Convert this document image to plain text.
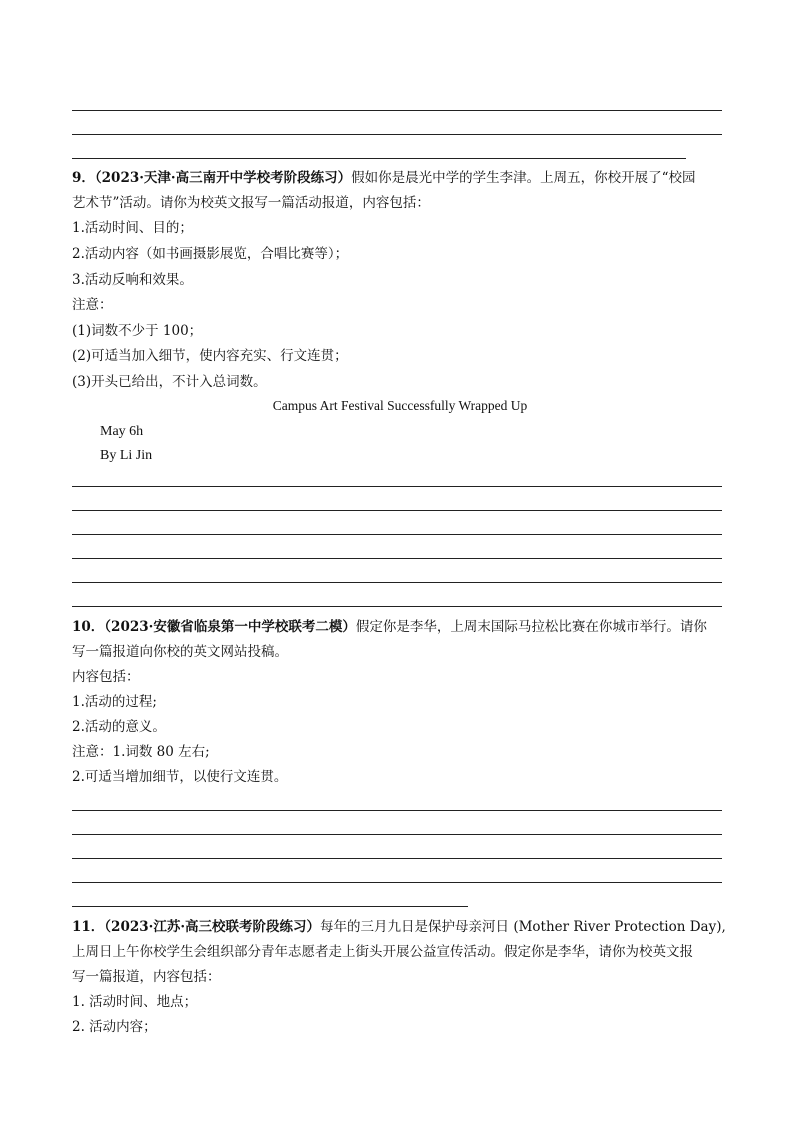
9．（2023·天津·高三南开中学校考阶段练习）假如你是晨光中学的学生李津。上周五，你校开展了“校园
艺术节”活动。请你为校英文报写一篇活动报道，内容包括：
1.活动时间、目的；
2.活动内容（如书画摄影展览，合唱比赛等）；
3.活动反响和效果。
注意：
(1)词数不少于 100；
(2)可适当加入细节，使内容充实、行文连贯；
(3)开头已给出，不计入总词数。
Campus Art Festival Successfully Wrapped Up
May 6h
By Li Jin
10．（2023·安徽省临泉第一中学校联考二模）假定你是李华，上周末国际马拉松比赛在你城市举行。请你
写一篇报道向你校的英文网站投稿。
内容包括：
1.活动的过程;
2.活动的意义。
注意：1.词数 80 左右;
2.可适当增加细节，以使行文连贯。
11．（2023·江苏·高三校联考阶段练习）每年的三月九日是保护母亲河日 (Mother River Protection Day),
上周日上午你校学生会组织部分青年志愿者走上街头开展公益宣传活动。假定你是李华，请你为校英文报
写一篇报道，内容包括：
1. 活动时间、地点；
2. 活动内容；
